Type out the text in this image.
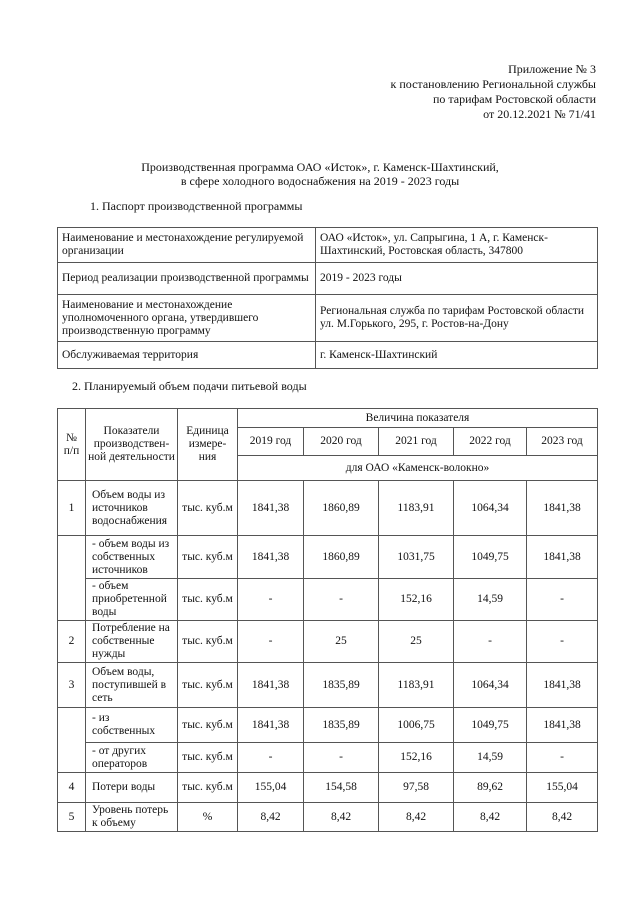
Приложение № 3
к постановлению Региональной службы
по тарифам Ростовской области
от 20.12.2021 № 71/41
Производственная программа ОАО «Исток», г. Каменск-Шахтинский,
в сфере холодного водоснабжения на 2019 - 2023 годы
1. Паспорт производственной программы
Наименование и местонахождение регулируемой организации	ОАО «Исток», ул. Сапрыгина, 1 А, г. Каменск-Шахтинский, Ростовская область, 347800
Период реализации производственной программы	2019 - 2023 годы
Наименование и местонахождение уполномоченного органа, утвердившего производственную программу	Региональная служба по тарифам Ростовской области ул. М.Горького, 295, г. Ростов-на-Дону
Обслуживаемая территория	г. Каменск-Шахтинский
2. Планируемый объем подачи питьевой воды
№ п/п	Показатели производствен-ной деятельности	Единица измере-ния	Величина показателя				
			2019 год	2020 год	2021 год	2022 год	2023 год
			для ОАО «Каменск-волокно»				
1	Объем воды из источников водоснабжения	тыс. куб.м	1841,38	1860,89	1183,91	1064,34	1841,38
	- объем воды из собственных источников	тыс. куб.м	1841,38	1860,89	1031,75	1049,75	1841,38
	- объем приобретенной воды	тыс. куб.м	-	-	152,16	14,59	-
2	Потребление на собственные нужды	тыс. куб.м	-	25	25	-	-
3	Объем воды, поступившей в сеть	тыс. куб.м	1841,38	1835,89	1183,91	1064,34	1841,38
	- из собственных	тыс. куб.м	1841,38	1835,89	1006,75	1049,75	1841,38
	- от других операторов	тыс. куб.м	-	-	152,16	14,59	-
4	Потери воды	тыс. куб.м	155,04	154,58	97,58	89,62	155,04
5	Уровень потерь к объему	%	8,42	8,42	8,42	8,42	8,42
